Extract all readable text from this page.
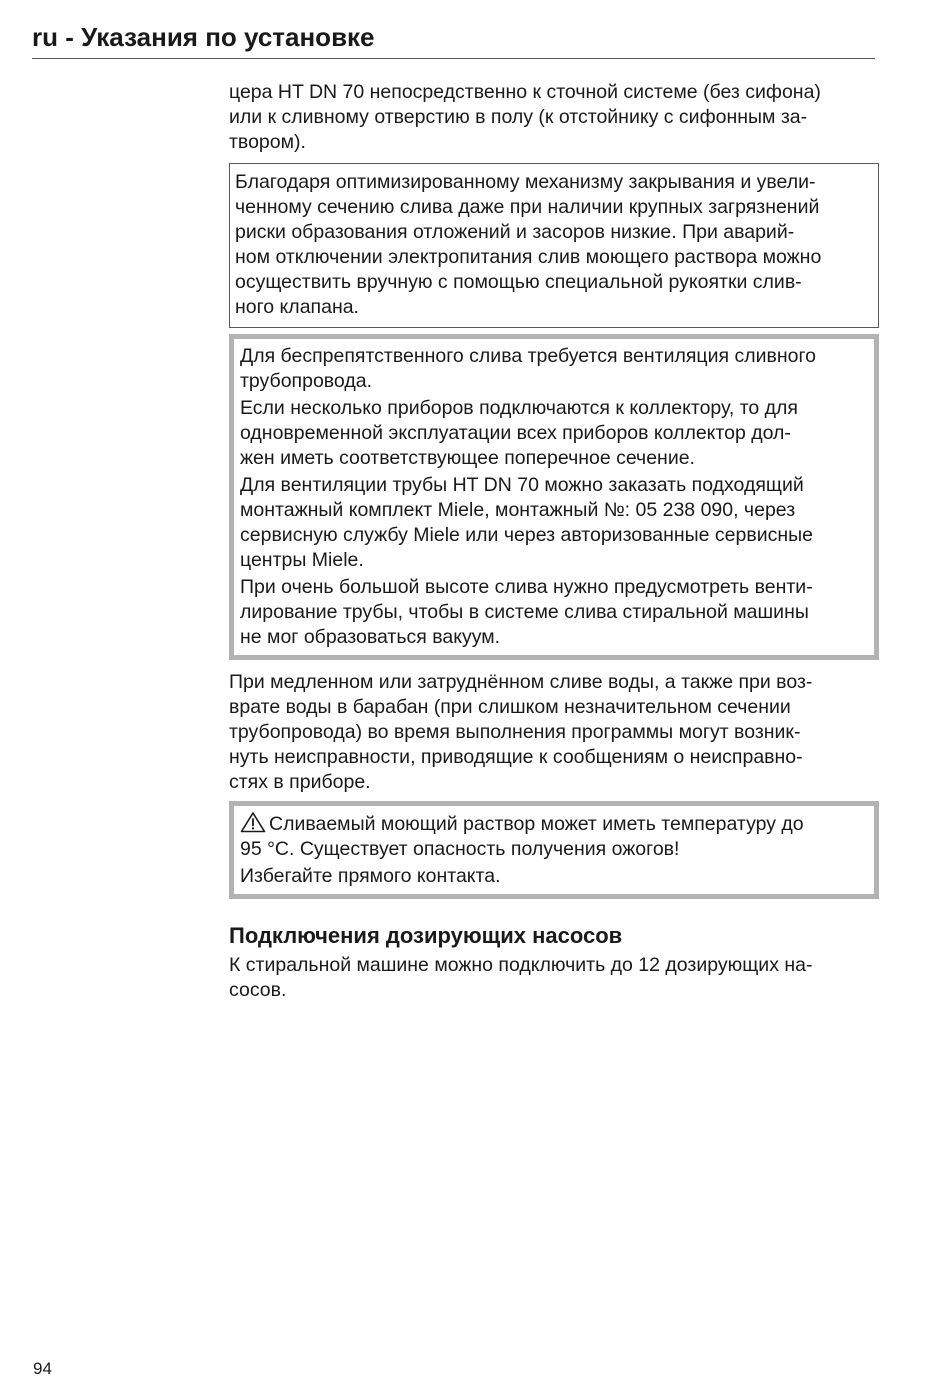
ru - Указания по установке

цера HT DN 70 непосредственно к сточной системе (без сифона)
или к сливному отверстию в полу (к отстойнику с сифонным за-
твором).

Благодаря оптимизированному механизму закрывания и увели-
ченному сечению слива даже при наличии крупных загрязнений
риски образования отложений и засоров низкие. При аварий-
ном отключении электропитания слив моющего раствора можно
осуществить вручную с помощью специальной рукоятки слив-
ного клапана.

Для беспрепятственного слива требуется вентиляция сливного
трубопровода.

Если несколько приборов подключаются к коллектору, то для
одновременной эксплуатации всех приборов коллектор дол-
жен иметь соответствующее поперечное сечение.

Для вентиляции трубы HT DN 70 можно заказать подходящий
монтажный комплект Miele, монтажный №: 05 238 090, через
сервисную службу Miele или через авторизованные сервисные
центры Miele.

При очень большой высоте слива нужно предусмотреть венти-
лирование трубы, чтобы в системе слива стиральной машины
не мог образоваться вакуум.

При медленном или затруднённом сливе воды, а также при воз-
врате воды в барабан (при слишком незначительном сечении
трубопровода) во время выполнения программы могут возник-
нуть неисправности, приводящие к сообщениям о неисправно-
стях в приборе.

Сливаемый моющий раствор может иметь температуру до
95 °C. Существует опасность получения ожогов!

Избегайте прямого контакта.

Подключения дозирующих насосов

К стиральной машине можно подключить до 12 дозирующих на-
сосов.

94
